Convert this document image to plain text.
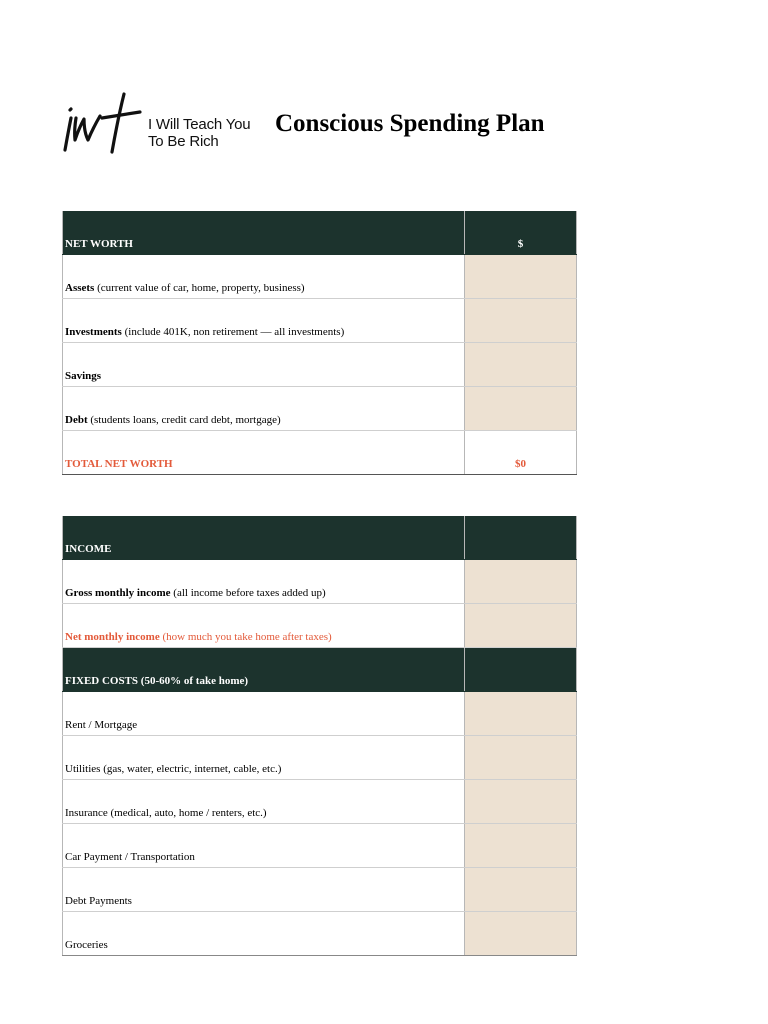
I Will Teach You
To Be Rich
Conscious Spending Plan
NET WORTH	$
Assets (current value of car, home, property, business)	
Investments (include 401K, non retirement — all investments)	
Savings	
Debt (students loans, credit card debt, mortgage)	
TOTAL NET WORTH	$0
INCOME	
Gross monthly income (all income before taxes added up)	
Net monthly income (how much you take home after taxes)	
FIXED COSTS (50-60% of take home)	
Rent / Mortgage	
Utilities (gas, water, electric, internet, cable, etc.)	
Insurance (medical, auto, home / renters, etc.)	
Car Payment / Transportation	
Debt Payments	
Groceries	
